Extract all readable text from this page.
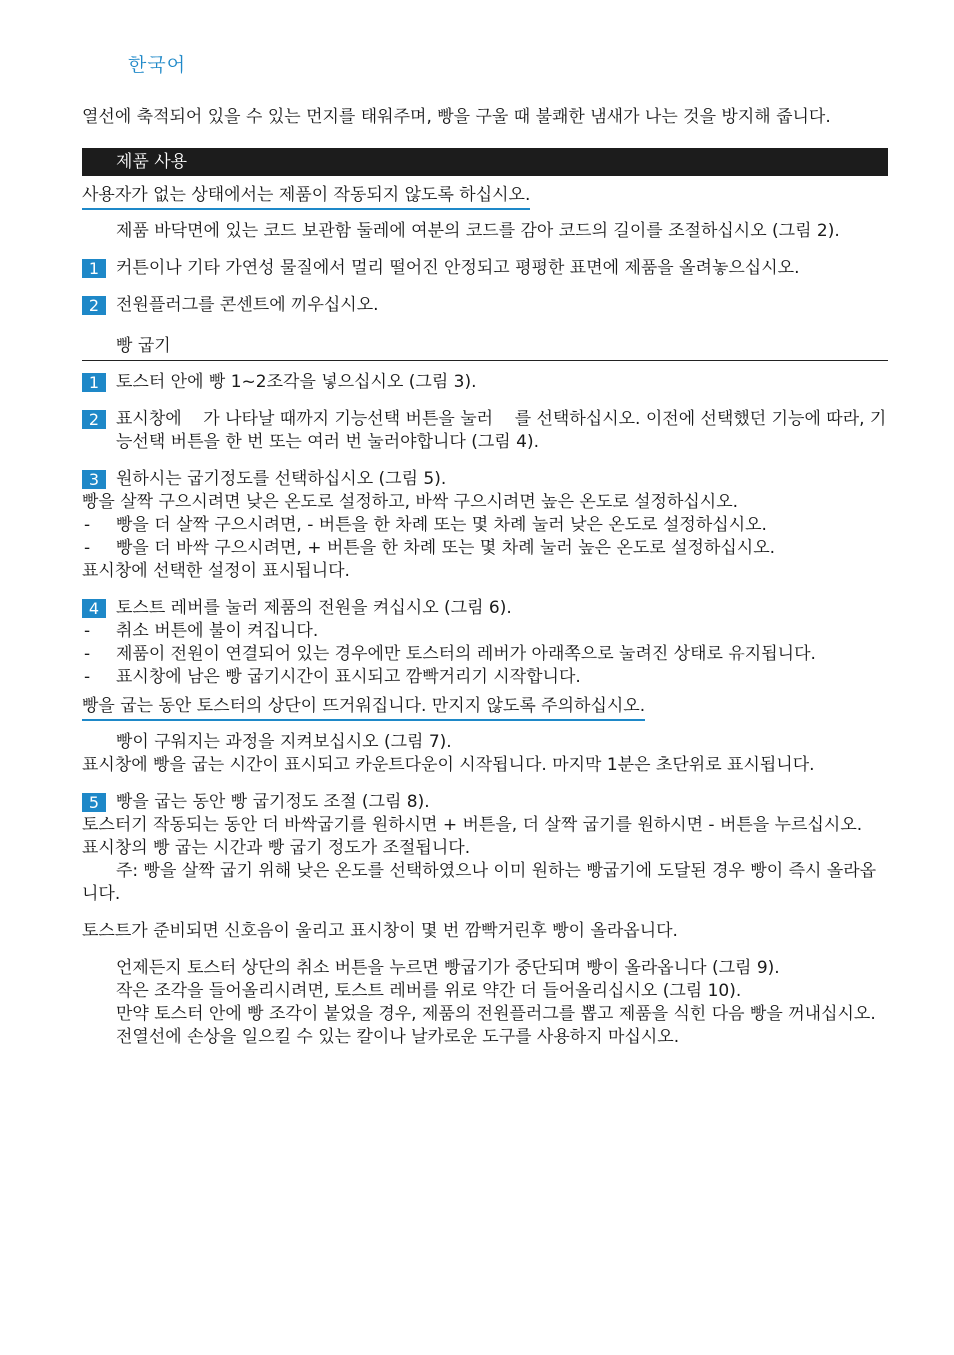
한국어

열선에 축적되어 있을 수 있는 먼지를 태워주며, 빵을 구울 때 불쾌한 냄새가 나는 것을 방지해 줍니다.

제품 사용
사용자가 없는 상태에서는 제품이 작동되지 않도록 하십시오.

제품 바닥면에 있는 코드 보관함 둘레에 여분의 코드를 감아 코드의 길이를 조절하십시오 (그림 2).

1 커튼이나 기타 가연성 물질에서 멀리 떨어진 안정되고 평평한 표면에 제품을 올려놓으십시오.
2 전원플러그를 콘센트에 끼우십시오.
빵 굽기
1 토스터 안에 빵 1~2조각을 넣으십시오 (그림 3).
2 표시창에    가 나타날 때까지 기능선택 버튼을 눌러    를 선택하십시오. 이전에 선택했던 기능에 따라, 기능선택 버튼을 한 번 또는 여러 번 눌러야합니다 (그림 4).
3 원하시는 굽기정도를 선택하십시오 (그림 5).

빵을 살짝 구으시려면 낮은 온도로 설정하고, 바싹 구으시려면 높은 온도로 설정하십시오.

- 빵을 더 살짝 구으시려면, - 버튼을 한 차례 또는 몇 차례 눌러 낮은 온도로 설정하십시오.
- 빵을 더 바싹 구으시려면, + 버튼을 한 차례 또는 몇 차례 눌러 높은 온도로 설정하십시오.

표시창에 선택한 설정이 표시됩니다.

4 토스트 레버를 눌러 제품의 전원을 켜십시오 (그림 6).
- 취소 버튼에 불이 켜집니다.
- 제품이 전원이 연결되어 있는 경우에만 토스터의 레버가 아래쪽으로 눌려진 상태로 유지됩니다.
- 표시창에 남은 빵 굽기시간이 표시되고 깜빡거리기 시작합니다.
빵을 굽는 동안 토스터의 상단이 뜨거워집니다. 만지지 않도록 주의하십시오.

빵이 구워지는 과정을 지켜보십시오 (그림 7).

표시창에 빵을 굽는 시간이 표시되고 카운트다운이 시작됩니다. 마지막 1분은 초단위로 표시됩니다.

5 빵을 굽는 동안 빵 굽기정도 조절 (그림 8).

토스터기 작동되는 동안 더 바싹굽기를 원하시면 + 버튼을, 더 살짝 굽기를 원하시면 - 버튼을 누르십시오.

표시창의 빵 굽는 시간과 빵 굽기 정도가 조절됩니다.

주: 빵을 살짝 굽기 위해 낮은 온도를 선택하였으나 이미 원하는 빵굽기에 도달된 경우 빵이 즉시 올라옵니다.

토스트가 준비되면 신호음이 울리고 표시창이 몇 번 깜빡거린후 빵이 올라옵니다.

언제든지 토스터 상단의 취소 버튼을 누르면 빵굽기가 중단되며 빵이 올라옵니다 (그림 9).

작은 조각을 들어올리시려면, 토스트 레버를 위로 약간 더 들어올리십시오 (그림 10).

만약 토스터 안에 빵 조각이 붙었을 경우, 제품의 전원플러그를 뽑고 제품을 식힌 다음 빵을 꺼내십시오. 전열선에 손상을 일으킬 수 있는 칼이나 날카로운 도구를 사용하지 마십시오.
